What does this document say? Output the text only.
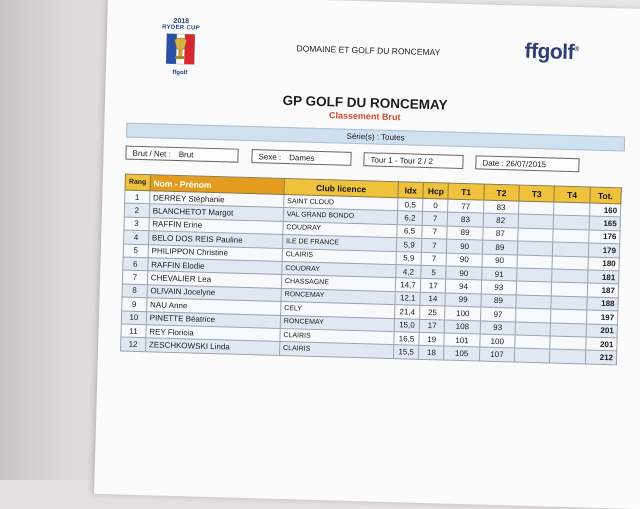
2018
RYDER CUP
ffgolf
DOMAINE ET GOLF DU RONCEMAY	ffgolf®
GP GOLF DU RONCEMAY
Classement Brut
Série(s) : Toutes
Brut / Net : Brut	Sexe : Dames	Tour 1 - Tour 2 / 2	Date : 26/07/2015
Rang	Nom - Prénom	Club licence	Idx	Hcp	T1	T2	T3	T4	Tot.
1	DERREY Stéphanie	SAINT CLOUD	0,5	0	77	83			160
2	BLANCHETOT Margot	VAL GRAND BONDO	6,2	7	83	82			165
3	RAFFIN Erine	COUDRAY	6,5	7	89	87			176
4	BELO DOS REIS Pauline	ILE DE FRANCE	5,9	7	90	89			179
5	PHILIPPON Christine	CLAIRIS	5,9	7	90	90			180
6	RAFFIN Elodie	COUDRAY	4,2	5	90	91			181
7	CHEVALIER Lea	CHASSAGNE	14,7	17	94	93			187
8	OLIVAIN Jocelyne	RONCEMAY	12,1	14	99	89			188
9	NAU Anne	CELY	21,4	25	100	97			197
10	PINETTE Béatrice	RONCEMAY	15,0	17	108	93			201
11	REY Floricia	CLAIRIS	16,5	19	101	100			201
12	ZESCHKOWSKI Linda	CLAIRIS	15,5	18	105	107			212
